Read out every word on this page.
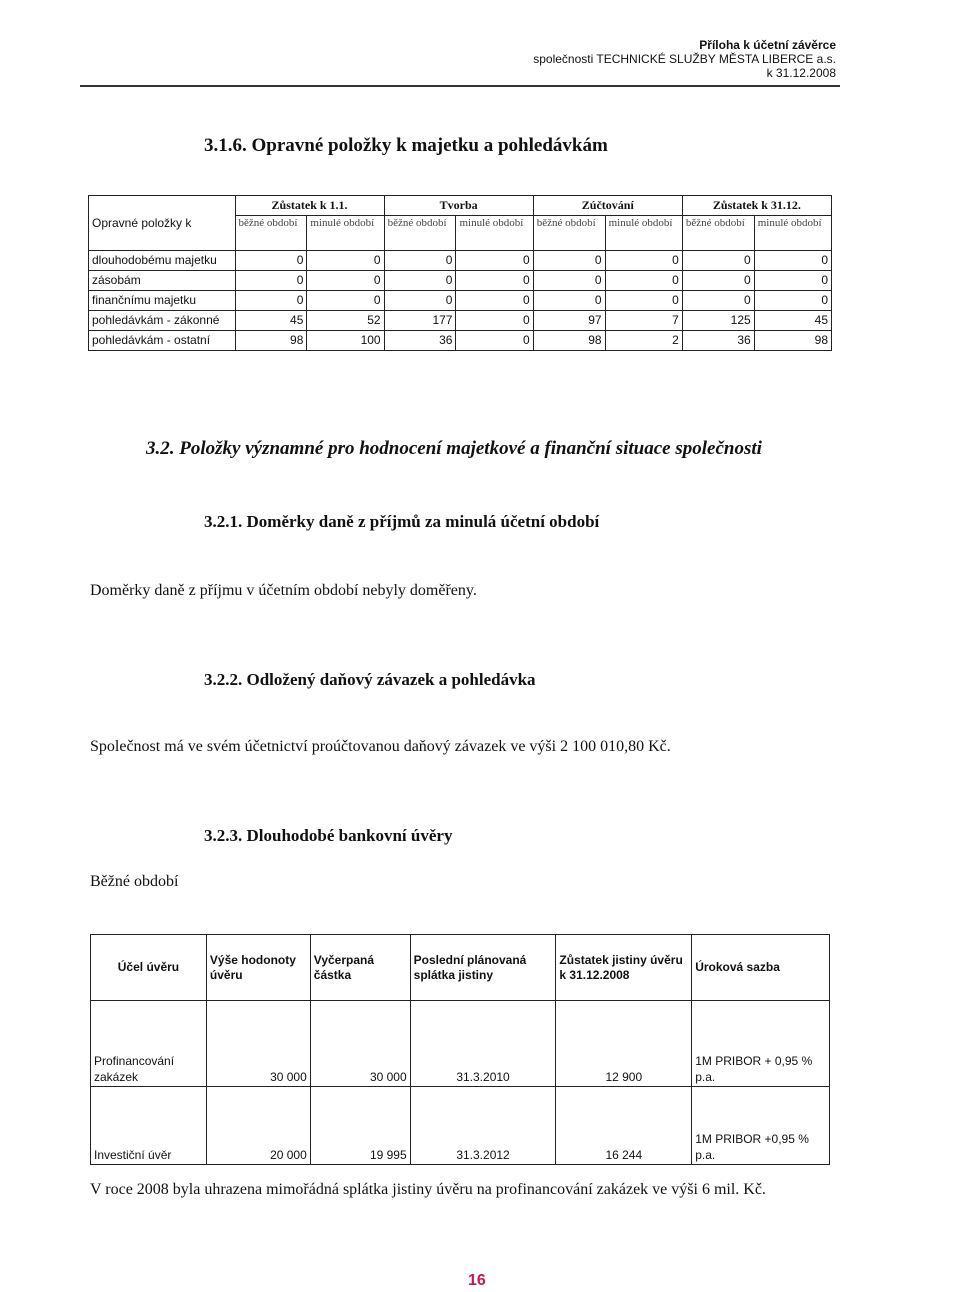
Příloha k účetní závěrce
společnosti TECHNICKÉ SLUŽBY MĚSTA LIBERCE a.s.
k 31.12.2008
3.1.6. Opravné položky k majetku a pohledávkám
Opravné položky k	Zůstatek k 1.1.		Tvorba		Zúčtování		Zůstatek k 31.12.	
	běžné období	minulé období	běžné období	minulé období	běžné období	minulé období	běžné období	minulé období
dlouhodobému majetku	0	0	0	0	0	0	0	0
zásobám	0	0	0	0	0	0	0	0
finančnímu majetku	0	0	0	0	0	0	0	0
pohledávkám - zákonné	45	52	177	0	97	7	125	45
pohledávkám - ostatní	98	100	36	0	98	2	36	98
3.2. Položky významné pro hodnocení majetkové a finanční situace společnosti
3.2.1. Doměrky daně z příjmů za minulá účetní období
Doměrky daně z příjmu v účetním období nebyly doměřeny.
3.2.2. Odložený daňový závazek a pohledávka
Společnost má ve svém účetnictví proúčtovanou daňový závazek ve výši 2 100 010,80 Kč.
3.2.3. Dlouhodobé bankovní úvěry
Běžné období
Účel úvěru	Výše hodonoty úvěru	Vyčerpaná částka	Poslední plánovaná splátka jistiny	Zůstatek jistiny úvěru k 31.12.2008	Úroková sazba
Profinancování zakázek	30 000	30 000	31.3.2010	12 900	1M PRIBOR + 0,95 % p.a.
Investiční úvěr	20 000	19 995	31.3.2012	16 244	1M PRIBOR +0,95 % p.a.
V roce 2008 byla uhrazena mimořádná splátka jistiny úvěru na profinancování zakázek ve výši 6 mil. Kč.
16
